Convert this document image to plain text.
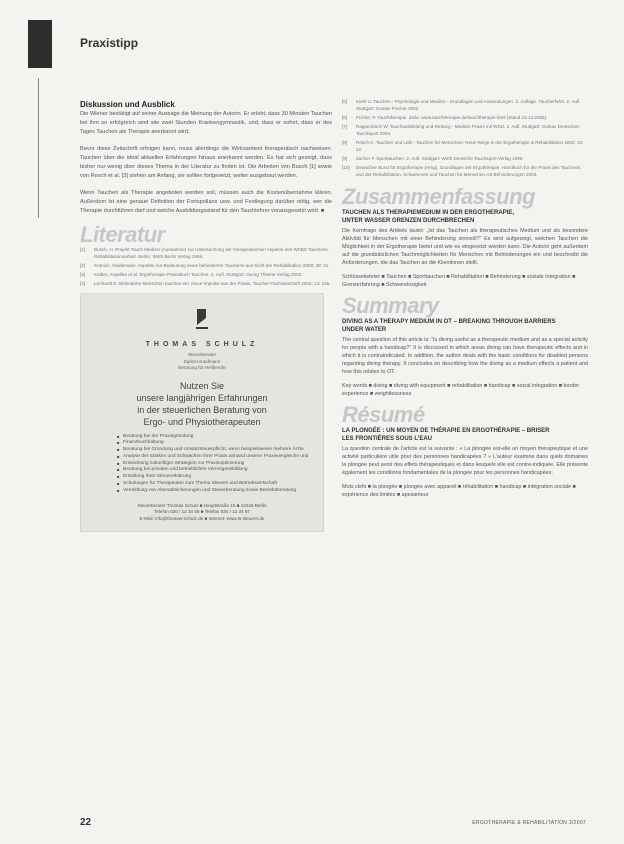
Praxistipp
Diskussion und Ausblick

Die Wiener bestätigt auf seiner Aussage die Meinung der Autorin. Er erlebt, dass 30 Minuten Tauchen bei ihm so erfolgreich sind wie zwei Stunden Krankengymnastik, und, dass er sofort, dass er des Tages Tauchen als Therapie anerkannt wird.

Bevor diese Zeitschrift erfolgen kann, muss allerdings die Wirksamkeit therapeutisch nachweisen. Tauchen über die ideal aktuellen Erfahrungen hinaus anerkannt werden. Es hat sich gezeigt, dass bisher nur wenig über dieses Thema in der Literatur zu finden ist. Die Arbeiten von Busch [1] sowie von Resch et al. [3] stehen am Anfang, sie sollten fortgesetzt, weiter ausgebaut werden.

Wenn Tauchen als Therapie angeboten werden soll, müssen auch die Kostenübernahme klären. Außerdem ist eine genaue Definition der Fortspollans usw. und Festlegung darüber nötig, wer die Therapie durchführen darf und welche Ausbildungsstand für den Tauchlehrer vorausgesetzt wird. ■

Literatur
[1]	Busch, H. Projekt Tauch Medizin (Ausnahme) zur Untersuchung der therapeutischen Aspekte des WSBS Tauchens. Rehabilitationsarbeit. Berlin: Wirth Berlin Verlag 1999.
[2]	Kranich, Heidemarie. Aspekte zur Bedeutung eines behinderten Tauchens aus Sicht der Rehabilitation 2008; 38: 41.
[3]	Kettler, Angelika et al. Ergotherapie Praxisbuch Tauchen. 2. Aufl. Stuttgart: Georg Thieme Verlag 2002.
[4]	Lenhardt E. Behinderte Menschen tauchen ein. Neue Impulse aus der Praxis. Taucher Fachzeitschrift 2003; 14: 245.
THOMAS SCHULZ
Steuerberater
Diplom-Kaufmann
Beratung für Heilberufe
Nutzen Sie
unsere langjährigen Erfahrungen
in der steuerlichen Beratung von
Ergo- und Physiotherapeuten
■ Beratung bei der Praxisgründung
■ Finanzbuchhaltung
■ Beratung bei Gründung und Umsatzsteuerpflicht, wenn beispielsweise mehrere Ärzte
■ Analyse der Stärken und Schwächen Ihrer Praxis anhand unserer Praxisvergleiche und
■ Entwicklung zukünftiger Strategien zur Praxisoptimierung
■ Beratung bei privaten und betrieblichen Vermögensbildung
■ Erstellung Ihrer Steuererklärung
■ Schulungen für Therapeuten zum Thema Steuern und Betriebswirtschaft
■ Vermittlung von Altersabsicherungen und Steuerberatung sowie Betriebsberatung
Steuerberater Thomas Schulz ■ Hauptstraße 15 ■ 12345 Berlin
Telefon 030 / 12 34 56 ■ Telefax 030 / 12 34 57
E-Mail: info@thomas-schulz.de ■ Internet: www.ts-steuern.de
[5]	Kiehl U. Tauchen - Psychologie und Medizin - Grundlagen und Anwendungen. 2. Auflage. Taucherfahrt. 2. Aufl. Stuttgart: Gustav Fischer 2002.
[6]	Pichler, P. Tauchtherapie. Ziele. www.tauchtherapie.de/tauchtherapie.html (Stand 15.12.2006).
[7]	Rappenbach W. Tauchausbildung und Rettung - Medizin Praxis mit WSD. 2. Aufl. Stuttgart: Gustav Deutschen Tauchsport 2004.
[8]	Resch K. Tauchen und Leib - Tauchen für Menschen: Neue Wege in der Ergotherapie & Rehabilitation 2002; 42: 22.
[9]	Zacher F. Sporttauchen. 2. Aufl. Stuttgart: Wirth Deutsche Tauchsport Verlag 1996.
[10]	Deutscher Bund für Ergotherapie (Hrsg). Grundlagen der Ergotherapie. Handbuch für die Praxis des Tauchens und der Rehabilitation. Schwimmen und Tauchen für Menschen mit Behinderungen 2003.
Zusammenfassung
TAUCHEN ALS THERAPIEMEDIUM IN DER ERGOTHERAPIE,
UNTER WASSER GRENZEN DURCHBRECHEN

Die Kernfrage des Artikels lautet: „Ist das Tauchen als therapeutisches Medium und als besondere Aktivität für Menschen mit einer Behinderung sinnvoll?“ Es wird aufgezeigt, welchen Tauchen die Möglichkeit in der Ergotherapie bietet und wie es eingesetzt werden kann. Die Autorin geht außerdem auf die grundsätzlichen Tauchmöglichkeiten für Menschen mit Behinderungen ein und beschreibt die Anforderungen, die das Tauchen an die Klientinnen stellt.

Schlüsselwörter ■ Tauchen ■ Sporttauchen ■ Rehabilitation ■ Behinderung ■ soziale Integration ■ Grenzerfahrung ■ Schwerelosigkeit

Summary
DIVING AS A THERAPY MEDIUM IN OT – BREAKING THROUGH BARRIERS
UNDER WATER

The central question of this article is: “Is diving useful as a therapeutic medium and as a special activity for people with a handicap?” It is discussed in which areas diving can have therapeutic effects and in which it is contraindicated. In addition, the author deals with the basic conditions for disabled persons regarding diving therapy. It concludes on describing how the diving as a medium effects a patient and how this relates to OT.

Key words ■ diving ■ diving with equipment ■ rehabilitation ■ handicap ■ social integration ■ border experience ■ weightlessness

Résumé
LA PLONGÉE : UN MOYEN DE THÉRAPIE EN ERGOTHÉRAPIE – BRISER
LES FRONTIÈRES SOUS L’EAU

La question centrale de l’article est la suivante : « La plongée est-elle un moyen thérapeutique et une activité particulière utile pour des personnes handicapées ? » L’auteur examine dans quels domaines la plongée peut avoir des effets thérapeutiques et dans lesquels elle est contre-indiquée. Elle présente également les conditions fondamentales de la plongée pour les personnes handicapées.

Mots clefs ■ la plongée ■ plongée avec appareil ■ réhabilitation ■ handicap ■ intégration sociale ■ expérience des limites ■ apesanteur

22	ERGOTHERAPIE & REHABILITATION 3/2007
